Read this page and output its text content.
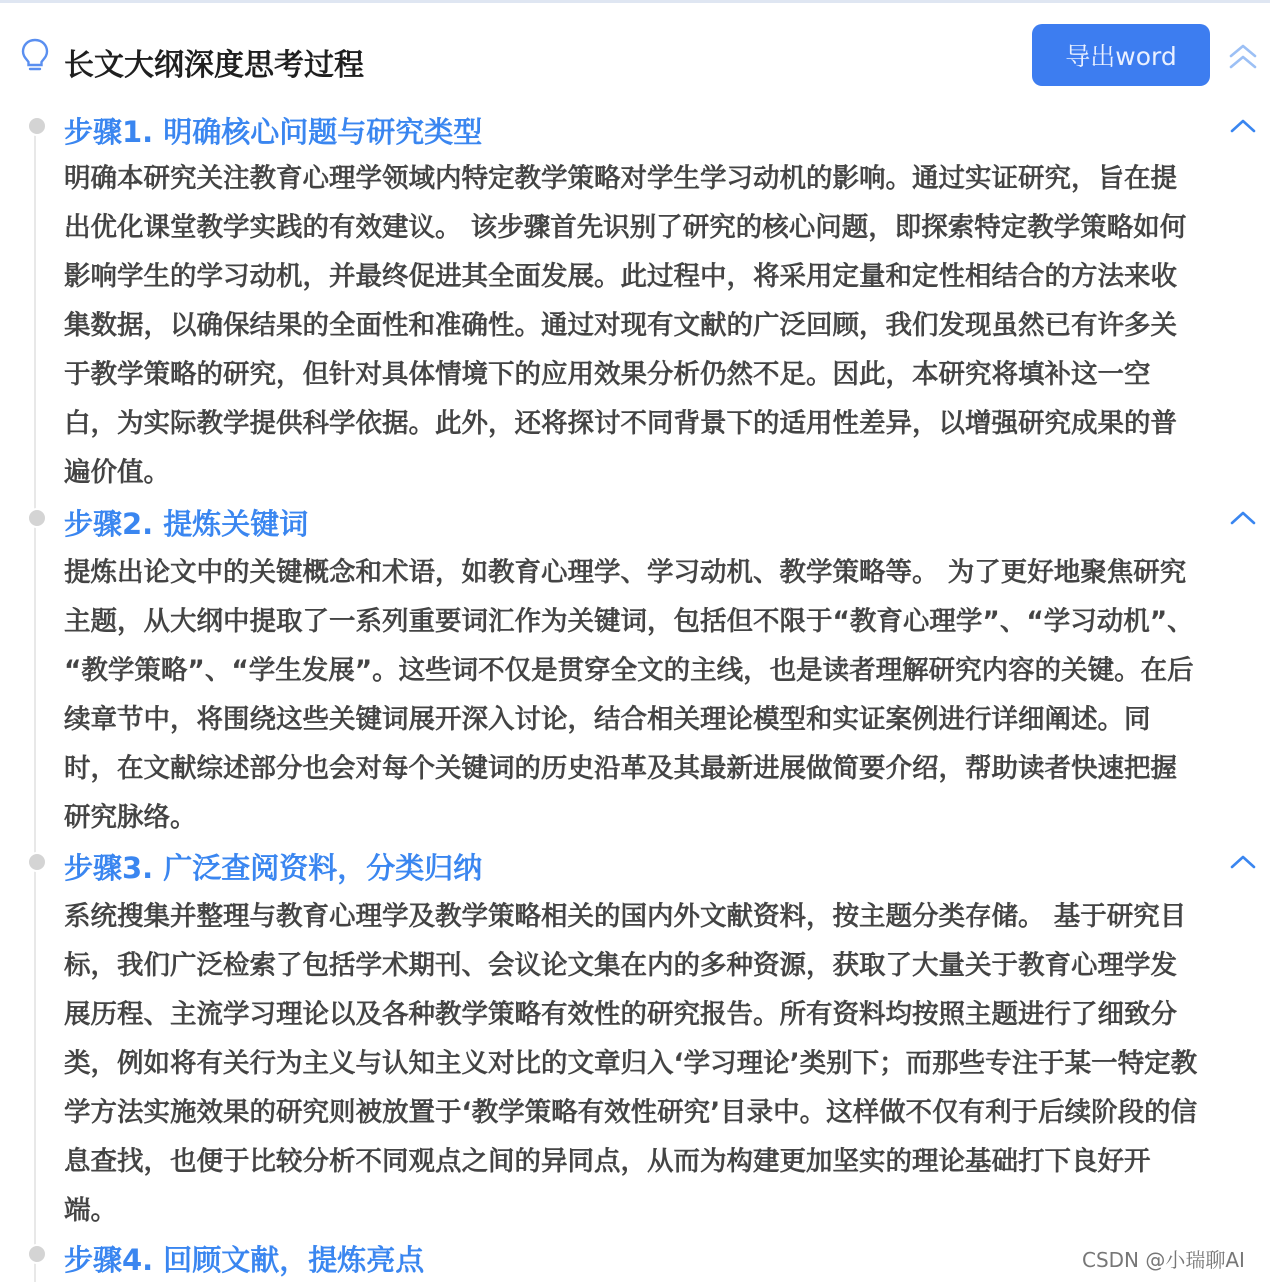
长文大纲深度思考过程	导出word
步骤1. 明确核心问题与研究类型
明确本研究关注教育心理学领域内特定教学策略对学生学习动机的影响。通过实证研究，旨在提
出优化课堂教学实践的有效建议。 该步骤首先识别了研究的核心问题，即探索特定教学策略如何
影响学生的学习动机，并最终促进其全面发展。此过程中，将采用定量和定性相结合的方法来收
集数据，以确保结果的全面性和准确性。通过对现有文献的广泛回顾，我们发现虽然已有许多关
于教学策略的研究，但针对具体情境下的应用效果分析仍然不足。因此，本研究将填补这一空
白，为实际教学提供科学依据。此外，还将探讨不同背景下的适用性差异，以增强研究成果的普
遍价值。
步骤2. 提炼关键词
提炼出论文中的关键概念和术语，如教育心理学、学习动机、教学策略等。 为了更好地聚焦研究
主题，从大纲中提取了一系列重要词汇作为关键词，包括但不限于“教育心理学”、“学习动机”、
“教学策略”、“学生发展”。这些词不仅是贯穿全文的主线，也是读者理解研究内容的关键。在后
续章节中，将围绕这些关键词展开深入讨论，结合相关理论模型和实证案例进行详细阐述。同
时，在文献综述部分也会对每个关键词的历史沿革及其最新进展做简要介绍，帮助读者快速把握
研究脉络。
步骤3. 广泛查阅资料，分类归纳
系统搜集并整理与教育心理学及教学策略相关的国内外文献资料，按主题分类存储。 基于研究目
标，我们广泛检索了包括学术期刊、会议论文集在内的多种资源，获取了大量关于教育心理学发
展历程、主流学习理论以及各种教学策略有效性的研究报告。所有资料均按照主题进行了细致分
类，例如将有关行为主义与认知主义对比的文章归入‘学习理论’类别下；而那些专注于某一特定教
学方法实施效果的研究则被放置于‘教学策略有效性研究’目录中。这样做不仅有利于后续阶段的信
息查找，也便于比较分析不同观点之间的异同点，从而为构建更加坚实的理论基础打下良好开
端。
步骤4. 回顾文献，提炼亮点	CSDN @小瑞聊AI
